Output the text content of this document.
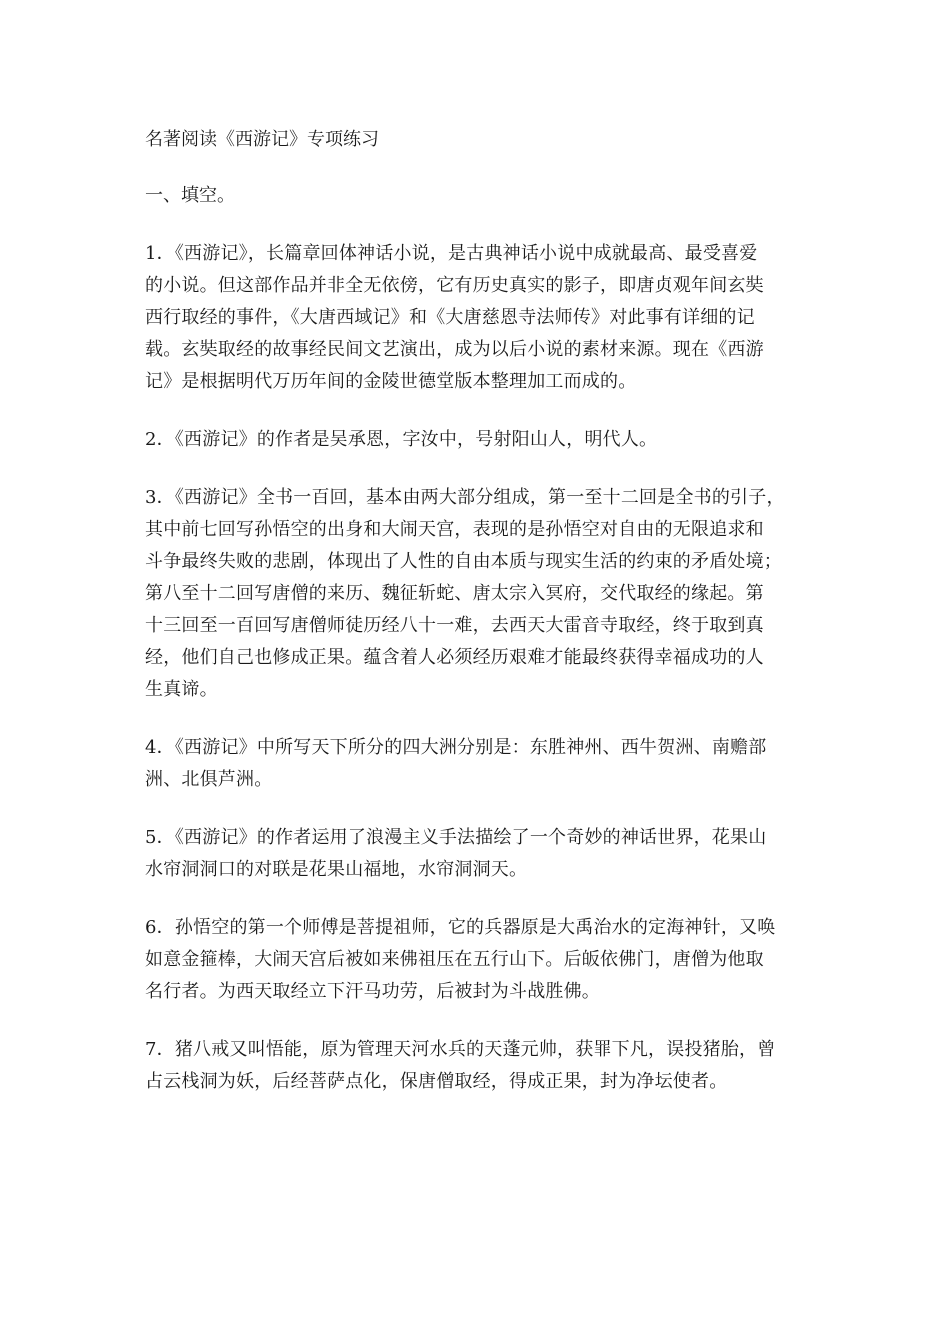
名著阅读《西游记》专项练习
一、填空。
1．《西游记》，长篇章回体神话小说，是古典神话小说中成就最高、最受喜爱
的小说。但这部作品并非全无依傍，它有历史真实的影子，即唐贞观年间玄奘
西行取经的事件，《大唐西域记》和《大唐慈恩寺法师传》对此事有详细的记
载。玄奘取经的故事经民间文艺演出，成为以后小说的素材来源。现在《西游
记》是根据明代万历年间的金陵世德堂版本整理加工而成的。
2．《西游记》的作者是吴承恩，字汝中，号射阳山人，明代人。
3．《西游记》全书一百回，基本由两大部分组成，第一至十二回是全书的引子，
其中前七回写孙悟空的出身和大闹天宫，表现的是孙悟空对自由的无限追求和
斗争最终失败的悲剧，体现出了人性的自由本质与现实生活的约束的矛盾处境；
第八至十二回写唐僧的来历、魏征斩蛇、唐太宗入冥府，交代取经的缘起。第
十三回至一百回写唐僧师徒历经八十一难，去西天大雷音寺取经，终于取到真
经，他们自己也修成正果。蕴含着人必须经历艰难才能最终获得幸福成功的人
生真谛。
4．《西游记》中所写天下所分的四大洲分别是：东胜神州、西牛贺洲、南赡部
洲、北俱芦洲。
5．《西游记》的作者运用了浪漫主义手法描绘了一个奇妙的神话世界，花果山
水帘洞洞口的对联是花果山福地，水帘洞洞天。
6．孙悟空的第一个师傅是菩提祖师，它的兵器原是大禹治水的定海神针，又唤
如意金箍棒，大闹天宫后被如来佛祖压在五行山下。后皈依佛门，唐僧为他取
名行者。为西天取经立下汗马功劳，后被封为斗战胜佛。
7．猪八戒又叫悟能，原为管理天河水兵的天蓬元帅，获罪下凡，误投猪胎，曾
占云栈洞为妖，后经菩萨点化，保唐僧取经，得成正果，封为净坛使者。
